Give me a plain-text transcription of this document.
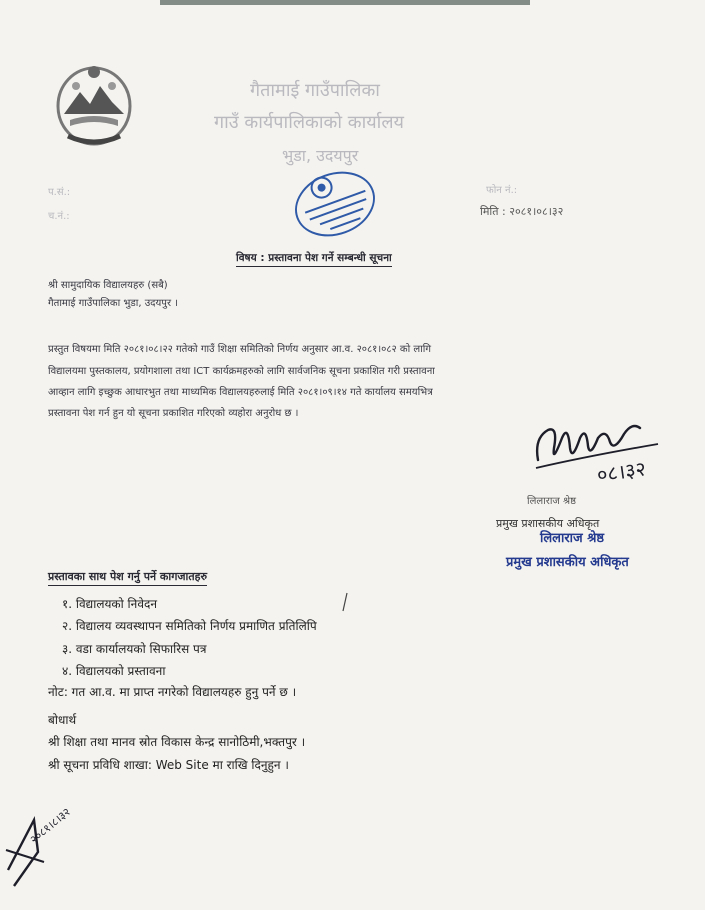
गैतामाई गाउँपालिका
गाउँ कार्यपालिकाको कार्यालय
भुडा, उदयपुर
प.सं.:
च.नं.:
फोन नं.:
मिति : २०८१।०८।३२
विषय : प्रस्तावना पेश गर्ने सम्बन्धी सूचना
श्री सामुदायिक विद्यालयहरु (सबै)
गैतामाई गाउँपालिका भुडा, उदयपुर ।
प्रस्तुत विषयमा मिति २०८१।०८।२२ गतेको गाउँ शिक्षा समितिको निर्णय अनुसार आ.व. २०८१।०८२ को लागि
विद्यालयमा पुस्तकालय, प्रयोगशाला तथा ICT कार्यक्रमहरुको लागि सार्वजनिक सूचना प्रकाशित गरी प्रस्तावना
आव्हान लागि इच्छुक आधारभुत तथा माध्यमिक विद्यालयहरुलाई मिति २०८१।०९।१४ गते कार्यालय समयभित्र
प्रस्तावना पेश गर्न हुन यो सूचना प्रकाशित गरिएको व्यहोरा अनुरोध छ ।
०८।३२
लिलाराज श्रेष्ठ
प्रमुख प्रशासकीय अधिकृत
लिलाराज श्रेष्ठ
प्रमुख प्रशासकीय अधिकृत
प्रस्तावका साथ पेश गर्नु पर्ने कागजातहरु
१. विद्यालयको निवेदन
२. विद्यालय व्यवस्थापन समितिको निर्णय प्रमाणित प्रतिलिपि
३. वडा कार्यालयको सिफारिस पत्र
४. विद्यालयको प्रस्तावना
नोट: गत आ.व. मा प्राप्त नगरेको विद्यालयहरु हुनु पर्ने छ ।
बोधार्थ
श्री शिक्षा तथा मानव स्रोत विकास केन्द्र सानोठिमी,भक्तपुर ।
श्री सूचना प्रविधि शाखा: Web Site मा राखि दिनुहुन ।
२०८१।८।३२
